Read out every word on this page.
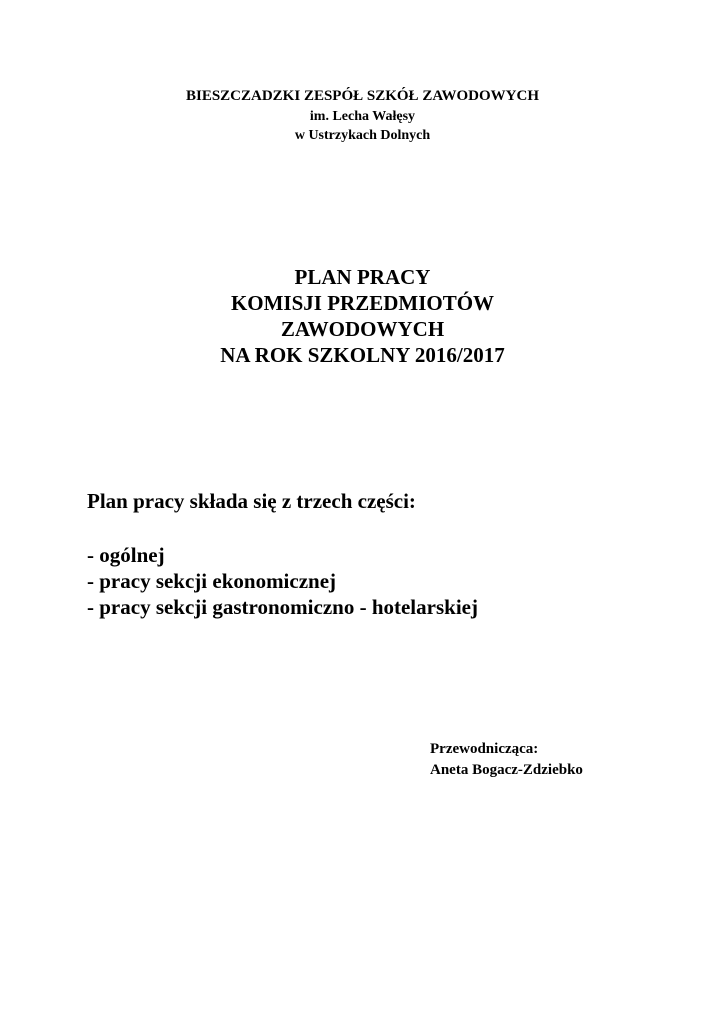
BIESZCZADZKI ZESPÓŁ SZKÓŁ ZAWODOWYCH
im. Lecha Wałęsy
w Ustrzykach Dolnych
PLAN PRACY
KOMISJI PRZEDMIOTÓW
ZAWODOWYCH
NA ROK SZKOLNY 2016/2017
Plan pracy składa się z trzech części:
- ogólnej
- pracy sekcji ekonomicznej
- pracy sekcji gastronomiczno - hotelarskiej
Przewodnicząca:
Aneta Bogacz-Zdziebko
